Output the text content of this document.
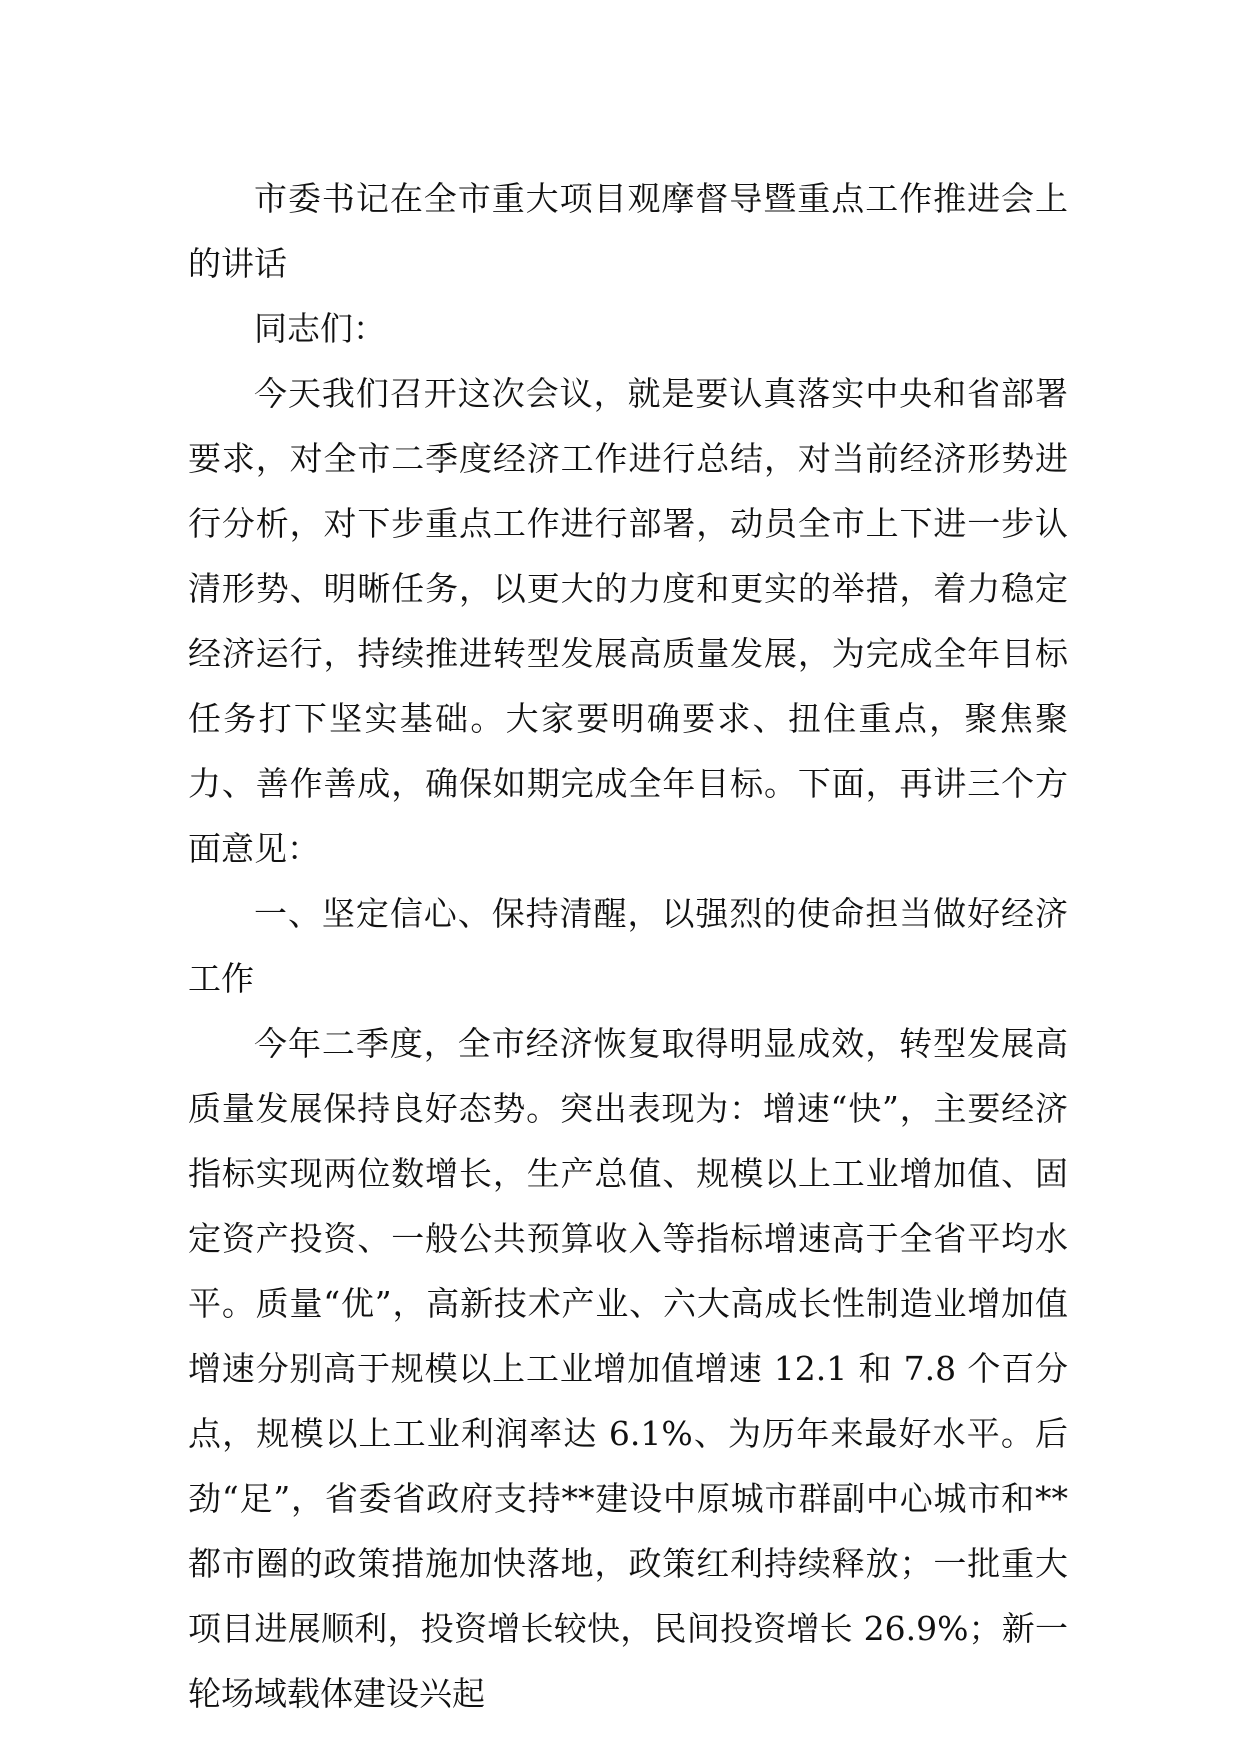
市委书记在全市重大项目观摩督导暨重点工作推进会上的讲话

同志们：

今天我们召开这次会议，就是要认真落实中央和省部署要求，对全市二季度经济工作进行总结，对当前经济形势进行分析，对下步重点工作进行部署，动员全市上下进一步认清形势、明晰任务，以更大的力度和更实的举措，着力稳定经济运行，持续推进转型发展高质量发展，为完成全年目标任务打下坚实基础。大家要明确要求、扭住重点，聚焦聚力、善作善成，确保如期完成全年目标。下面，再讲三个方面意见：

一、坚定信心、保持清醒，以强烈的使命担当做好经济工作

今年二季度，全市经济恢复取得明显成效，转型发展高质量发展保持良好态势。突出表现为：增速“快”，主要经济指标实现两位数增长，生产总值、规模以上工业增加值、固定资产投资、一般公共预算收入等指标增速高于全省平均水平。质量“优”，高新技术产业、六大高成长性制造业增加值增速分别高于规模以上工业增加值增速 12.1 和 7.8 个百分点，规模以上工业利润率达 6.1%、为历年来最好水平。后劲“足”，省委省政府支持**建设中原城市群副中心城市和**都市圈的政策措施加快落地，政策红利持续释放；一批重大项目进展顺利，投资增长较快，民间投资增长 26.9%；新一轮场域载体建设兴起
